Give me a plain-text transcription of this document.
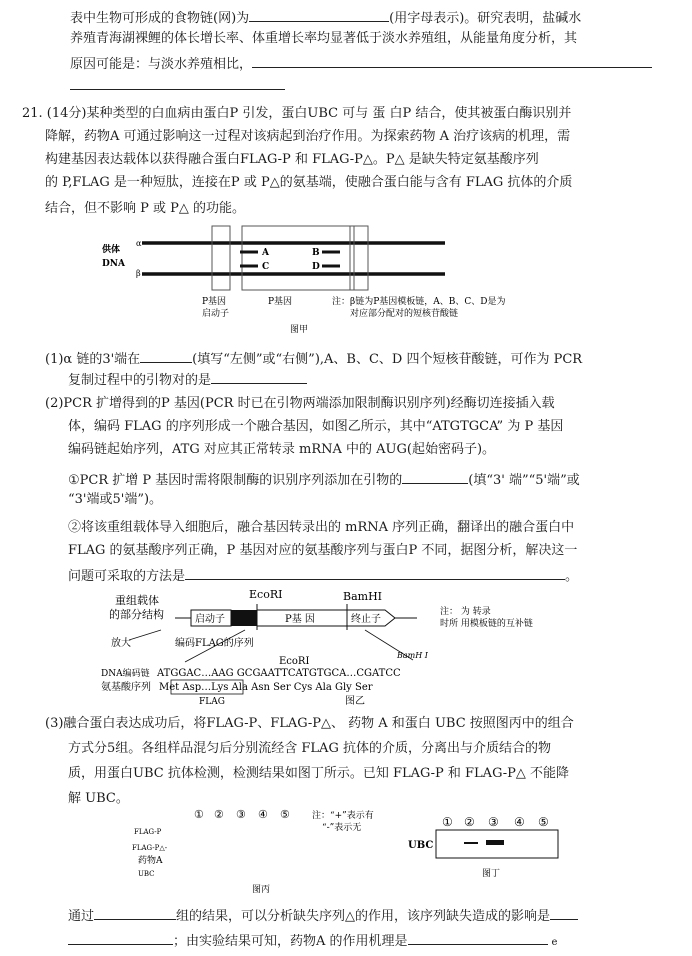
表中生物可形成的食物链(网)为	(用字母表示)。研究表明，盐碱水
养殖青海湖裸鲤的体长增长率、体重增长率均显著低于淡水养殖组，从能量角度分析，其
原因可能是：与淡水养殖相比，
21. (14分)某种类型的白血病由蛋白P 引发，蛋白UBC 可与 蛋 白P 结合，使其被蛋白酶识别并
降解，药物A 可通过影响这一过程对该病起到治疗作用。为探索药物 A 治疗该病的机理，需
构建基因表达载体以获得融合蛋白FLAG-P 和 FLAG-P△。P△ 是缺失特定氨基酸序列
的 P,FLAG 是一种短肽，连接在P 或 P△的氨基端，使融合蛋白能与含有 FLAG 抗体的介质
结合，但不影响 P 或 P△ 的功能。
供体
DNA
α
β
A
C
B
D
P基因
启动子
P基因	注：β链为P基因模板链，A、B、C、D是为
对应部分配对的短核苷酸链
图甲
(1)α 链的3'端在	(填写“左侧”或“右侧”),A、B、C、D 四个短核苷酸链，可作为 PCR
复制过程中的引物对的是
(2)PCR 扩增得到的P 基因(PCR 时已在引物两端添加限制酶识别序列)经酶切连接插入载
体，编码 FLAG 的序列形成一个融合基因，如图乙所示，其中“ATGTGCA” 为 P 基因
编码链起始序列，ATG 对应其正常转录 mRNA 中的 AUG(起始密码子)。
①PCR 扩增 P 基因时需将限制酶的识别序列添加在引物的	(填“3' 端”“5'端”或
“3'端或5'端”)。
②将该重组载体导入细胞后，融合基因转录出的 mRNA 序列正确，翻译出的融合蛋白中
FLAG 的氨基酸序列正确，P 基因对应的氨基酸序列与蛋白P 不同，据图分析，解决这一
问题可采取的方法是	。
重组载体
的部分结构
EcoRI	BamHI
启动子	P基 因	终止子
注： 为 转录
时所 用模板链的互补链
放大	编码FLAG的序列
EcoRI
BamH I
DNA编码链 ATGGAC…AAG GCGAATTCATGTGCA…CGATCC
氨基酸序列 Met Asp…Lys Ala Asn Ser Cys Ala Gly Ser
FLAG	图乙
(3)融合蛋白表达成功后，将FLAG-P、FLAG-P△、 药物 A 和蛋白 UBC 按照图丙中的组合
方式分5组。各组样品混匀后分别流经含 FLAG 抗体的介质，分离出与介质结合的物
质，用蛋白UBC 抗体检测，检测结果如图丁所示。已知 FLAG-P 和 FLAG-P△ 不能降
解 UBC。
① ② ③ ④ ⑤ 注：“+”表示有
“-”表示无
FLAG-P
FLAG-P△-
药物A
UBC
图丙
UBC
① ② ③ ④ ⑤
图丁
通过	组的结果，可以分析缺失序列△的作用，该序列缺失造成的影响是
；由实验结果可知，药物A 的作用机理是	e
